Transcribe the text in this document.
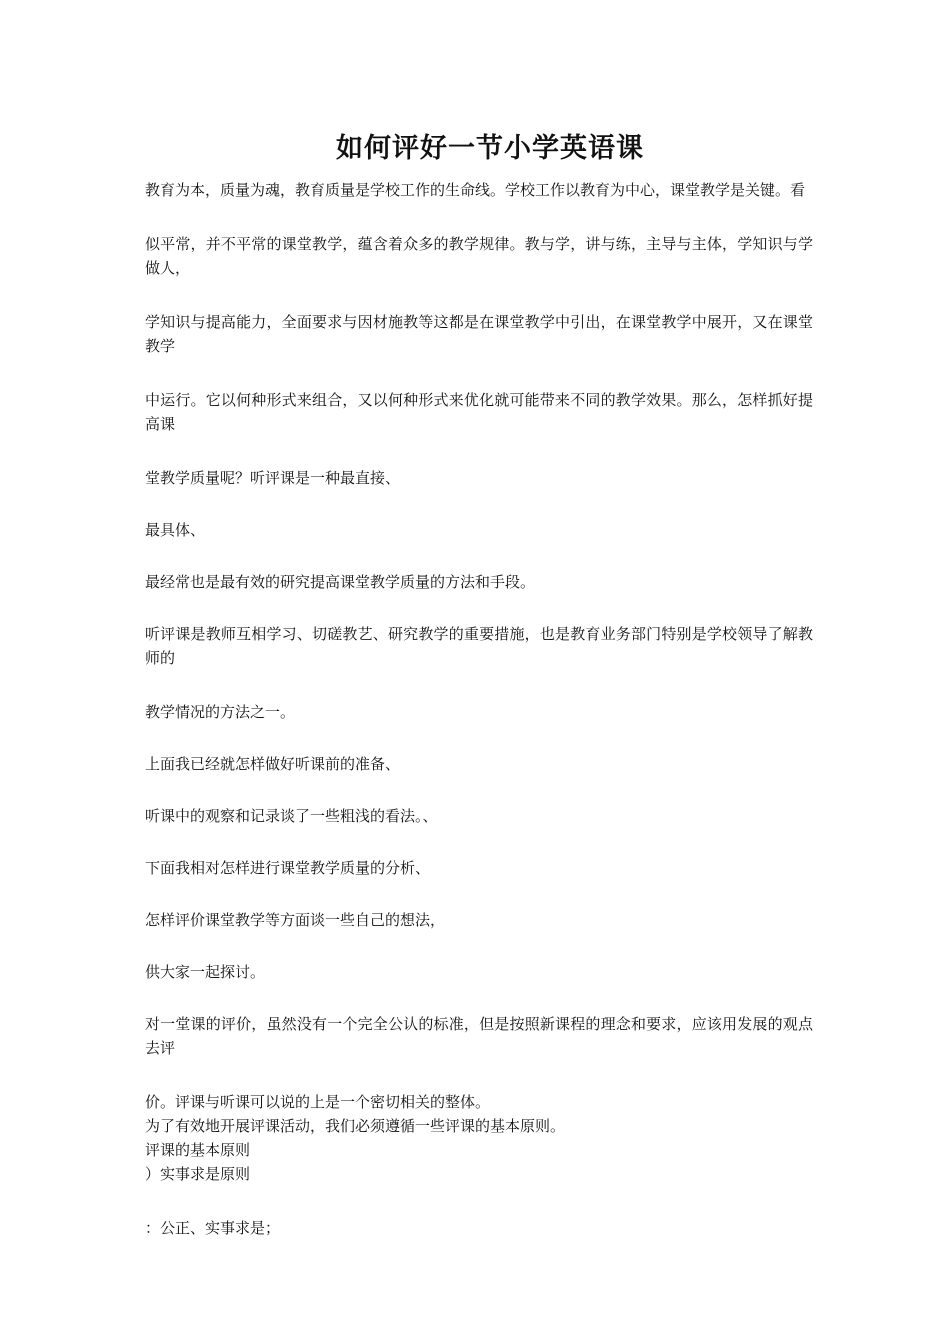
如何评好一节小学英语课

教育为本，质量为魂，教育质量是学校工作的生命线。学校工作以教育为中心，课堂教学是关键。看

似平常，并不平常的课堂教学，蕴含着众多的教学规律。教与学，讲与练，主导与主体，学知识与学做人，

学知识与提高能力，全面要求与因材施教等这都是在课堂教学中引出，在课堂教学中展开，又在课堂教学

中运行。它以何种形式来组合，又以何种形式来优化就可能带来不同的教学效果。那么，怎样抓好提高课

堂教学质量呢？听评课是一种最直接、

最具体、

最经常也是最有效的研究提高课堂教学质量的方法和手段。

听评课是教师互相学习、切磋教艺、研究教学的重要措施，也是教育业务部门特别是学校领导了解教师的

教学情况的方法之一。

上面我已经就怎样做好听课前的准备、

听课中的观察和记录谈了一些粗浅的看法。、

下面我相对怎样进行课堂教学质量的分析、

怎样评价课堂教学等方面谈一些自己的想法，

供大家一起探讨。

对一堂课的评价，虽然没有一个完全公认的标准，但是按照新课程的理念和要求，应该用发展的观点去评

价。评课与听课可以说的上是一个密切相关的整体。

为了有效地开展评课活动，我们必须遵循一些评课的基本原则。

评课的基本原则

）实事求是原则

：公正、实事求是；
